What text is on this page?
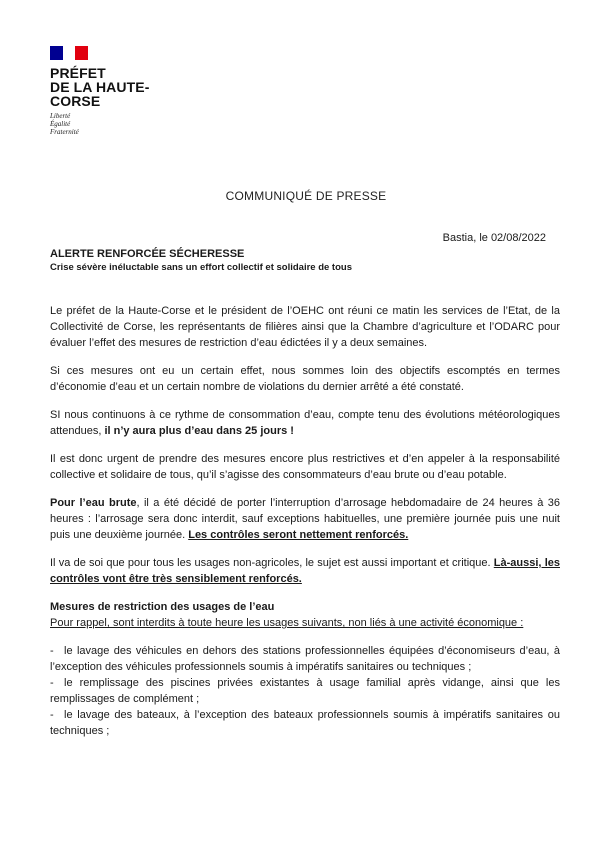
PRÉFET
DE LA HAUTE-
CORSE
Liberté
Égalité
Fraternité
COMMUNIQUÉ DE PRESSE
Bastia, le 02/08/2022
ALERTE RENFORCÉE SÉCHERESSE
Crise sévère inéluctable sans un effort collectif et solidaire de tous

Le préfet de la Haute-Corse et le président de l’OEHC ont réuni ce matin les services de l’Etat, de la Collectivité de Corse, les représentants de filières ainsi que la Chambre d’agriculture et l’ODARC pour évaluer l’effet des mesures de restriction d’eau édictées il y a deux semaines.

Si ces mesures ont eu un certain effet, nous sommes loin des objectifs escomptés en termes d’économie d’eau et un certain nombre de violations du dernier arrêté a été constaté.

SI nous continuons à ce rythme de consommation d’eau, compte tenu des évolutions météorologiques attendues, il n’y aura plus d’eau dans 25 jours !

Il est donc urgent de prendre des mesures encore plus restrictives et d’en appeler à la responsabilité collective et solidaire de tous, qu’il s’agisse des consommateurs d’eau brute ou d’eau potable.

Pour l’eau brute, il a été décidé de porter l’interruption d’arrosage hebdomadaire de 24 heures à 36 heures : l’arrosage sera donc interdit, sauf exceptions habituelles, une première journée puis une nuit puis une deuxième journée. Les contrôles seront nettement renforcés.

Il va de soi que pour tous les usages non-agricoles, le sujet est aussi important et critique. Là-aussi, les contrôles vont être très sensiblement renforcés.

Mesures de restriction des usages de l’eau
Pour rappel, sont interdits à toute heure les usages suivants, non liés à une activité économique :
- le lavage des véhicules en dehors des stations professionnelles équipées d’économiseurs d’eau, à l’exception des véhicules professionnels soumis à impératifs sanitaires ou techniques ;
- le remplissage des piscines privées existantes à usage familial après vidange, ainsi que les remplissages de complément ;
- le lavage des bateaux, à l’exception des bateaux professionnels soumis à impératifs sanitaires ou techniques ;
